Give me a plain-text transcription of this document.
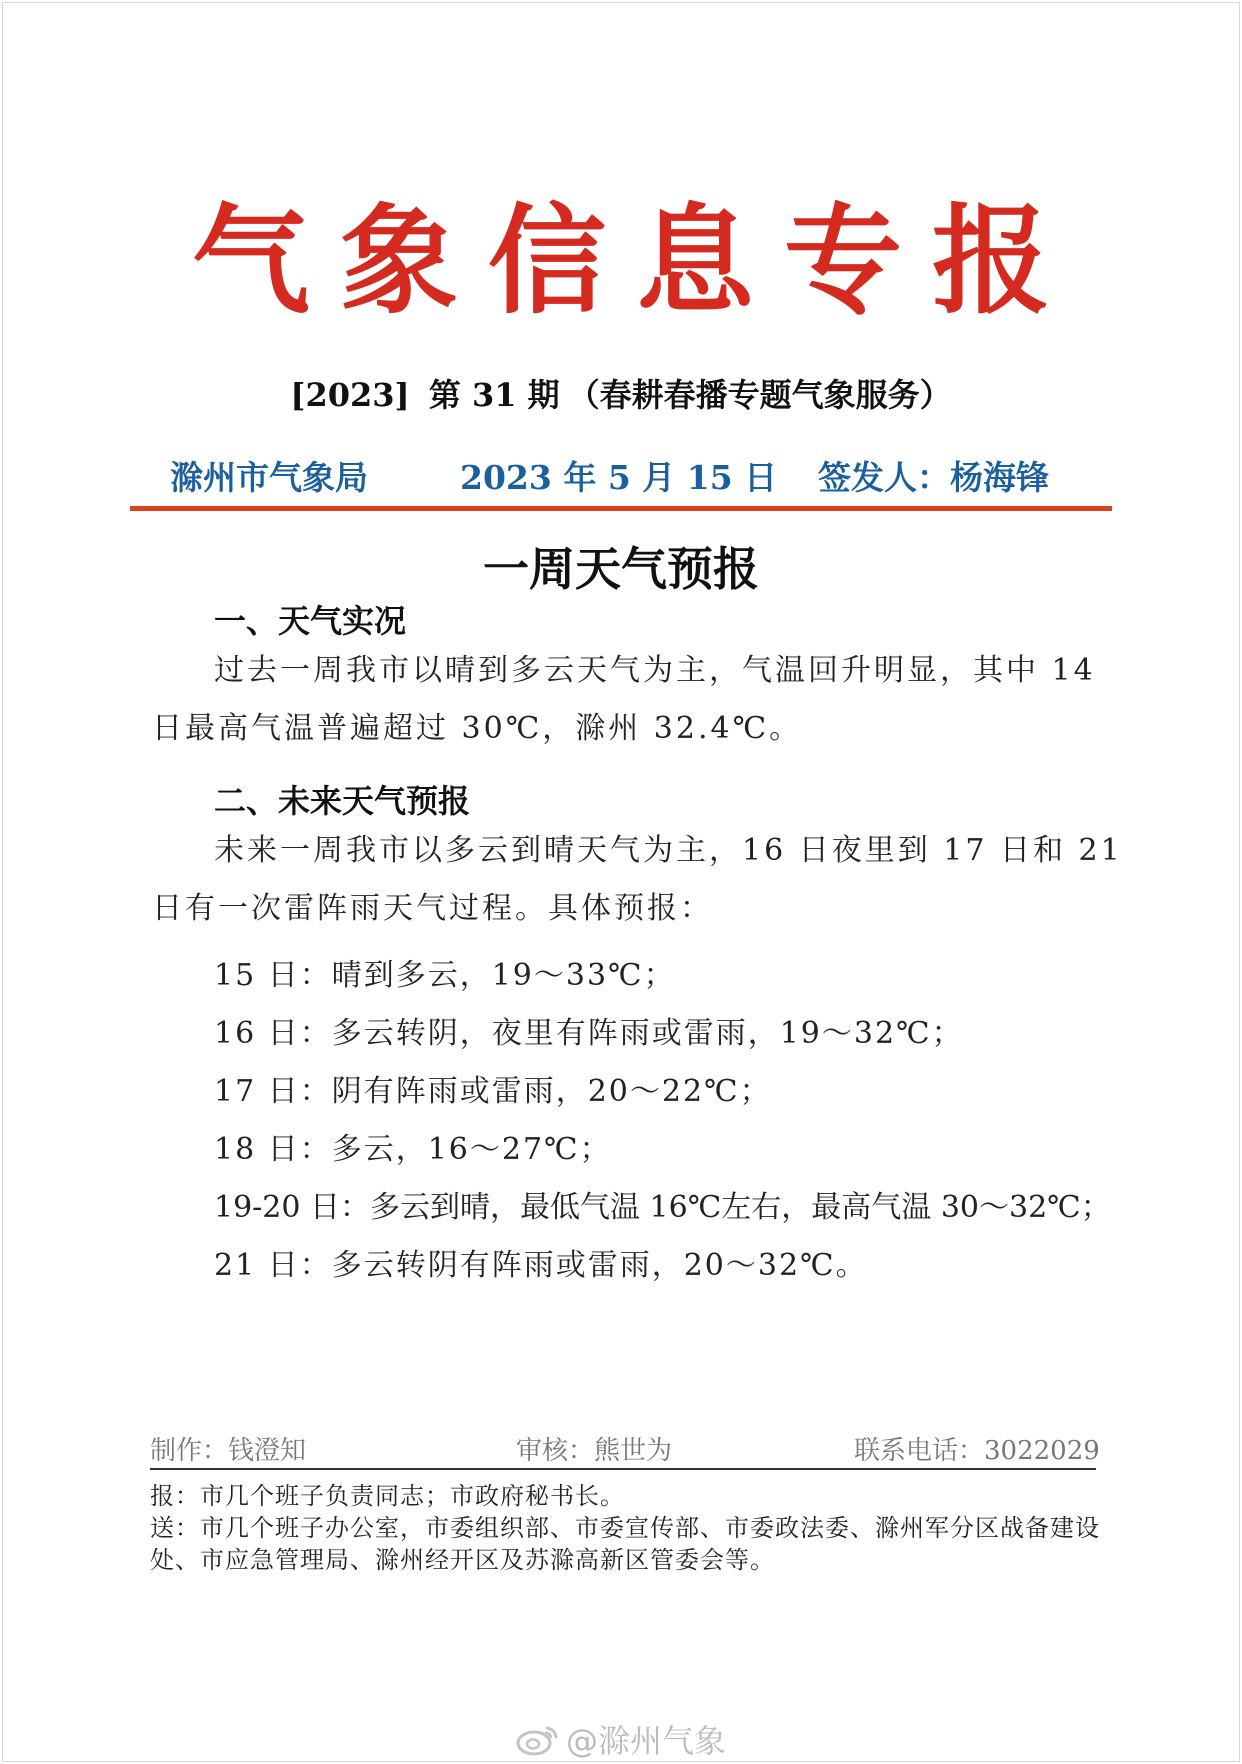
气象信息专报
[2023] 第 31 期 （春耕春播专题气象服务）
滁州市气象局	2023 年 5 月 15 日 签发人：杨海锋
一周天气预报
一、天气实况
过去一周我市以晴到多云天气为主，气温回升明显，其中 14
日最高气温普遍超过 30℃，滁州 32.4℃。
二、未来天气预报
未来一周我市以多云到晴天气为主，16 日夜里到 17 日和 21
日有一次雷阵雨天气过程。具体预报：
15 日：晴到多云，19～33℃；
16 日：多云转阴，夜里有阵雨或雷雨，19～32℃；
17 日：阴有阵雨或雷雨，20～22℃；
18 日：多云，16～27℃；
19-20 日：多云到晴，最低气温 16℃左右，最高气温 30～32℃；
21 日：多云转阴有阵雨或雷雨，20～32℃。
制作：钱澄知	审核：熊世为	联系电话：3022029
报：市几个班子负责同志；市政府秘书长。
送：市几个班子办公室，市委组织部、市委宣传部、市委政法委、滁州军分区战备建设
处、市应急管理局、滁州经开区及苏滁高新区管委会等。
@滁州气象
